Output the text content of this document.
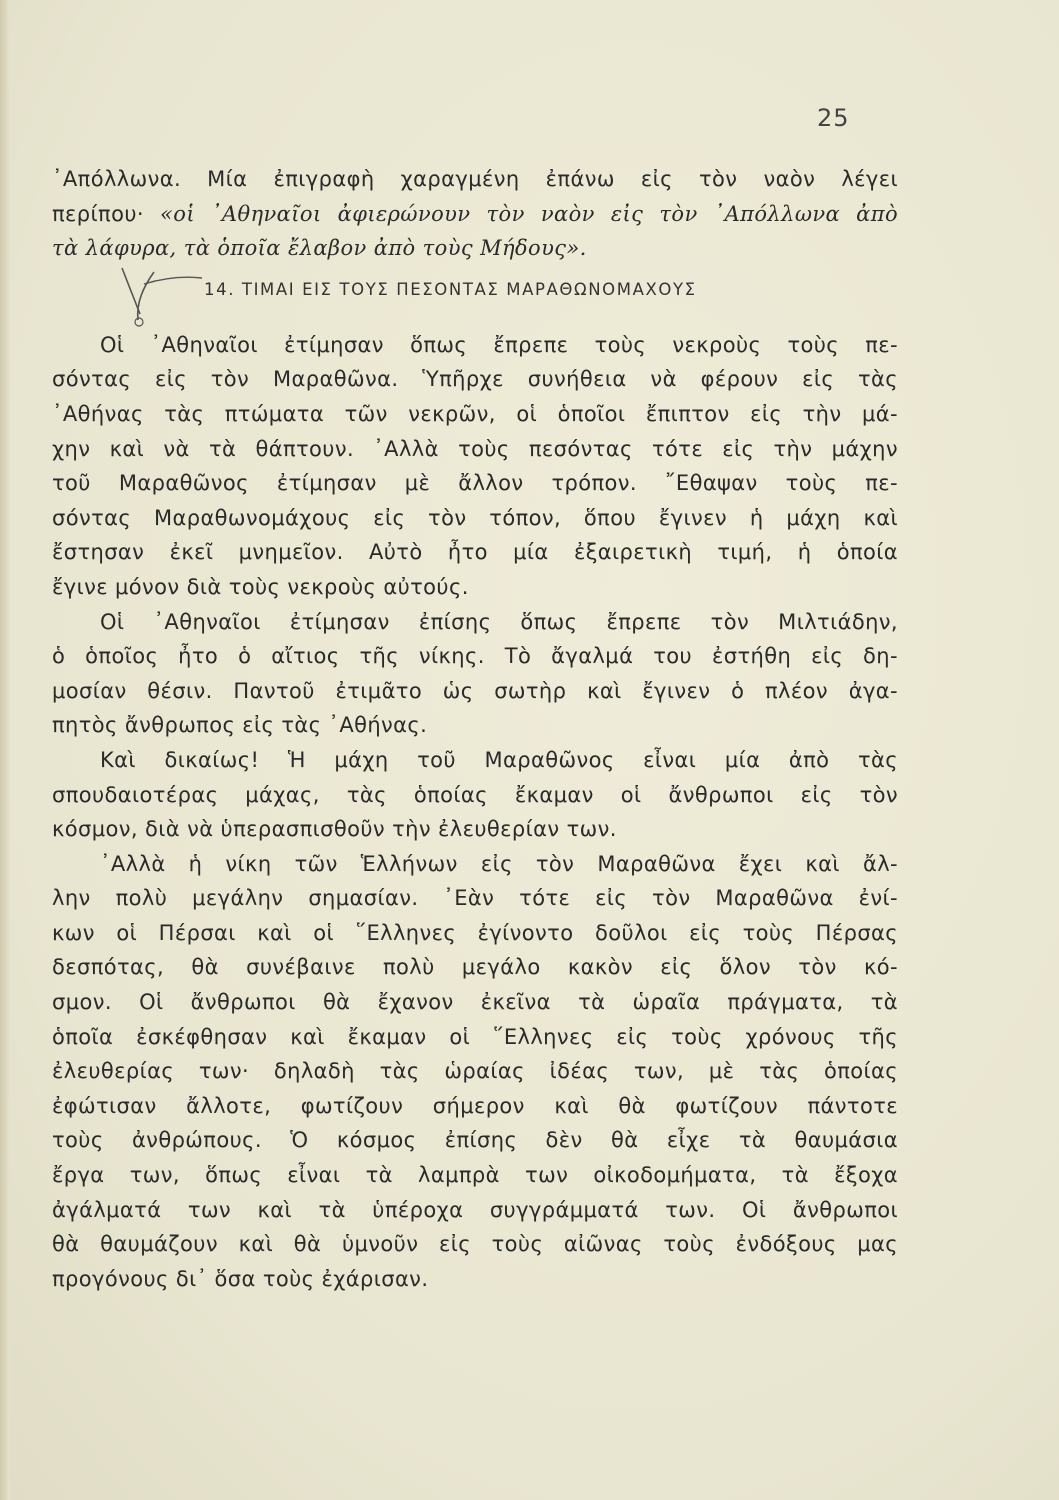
25
᾿Απόλλωνα. Μία ἐπιγραφὴ χαραγμένη ἐπάνω εἰς τὸν ναὸν λέγει
περίπου· «οἱ ᾿Αθηναῖοι ἀφιερώνουν τὸν ναὸν εἰς τὸν ᾿Απόλλωνα ἀπὸ
τὰ λάφυρα, τὰ ὁποῖα ἔλαβον ἀπὸ τοὺς Μήδους».
14. ΤΙΜΑΙ ΕΙΣ ΤΟΥΣ ΠΕΣΟΝΤΑΣ ΜΑΡΑΘΩΝΟΜΑΧΟΥΣ
Οἱ ᾿Αθηναῖοι ἐτίμησαν ὅπως ἔπρεπε τοὺς νεκροὺς τοὺς πε-
σόντας εἰς τὸν Μαραθῶνα. Ὑπῆρχε συνήθεια νὰ φέρουν εἰς τὰς
᾿Αθήνας τὰς πτώματα τῶν νεκρῶν, οἱ ὁποῖοι ἔπιπτον εἰς τὴν μά-
χην καὶ νὰ τὰ θάπτουν. ᾿Αλλὰ τοὺς πεσόντας τότε εἰς τὴν μάχην
τοῦ Μαραθῶνος ἐτίμησαν μὲ ἄλλον τρόπον. ῎Εθαψαν τοὺς πε-
σόντας Μαραθωνομάχους εἰς τὸν τόπον, ὅπου ἔγινεν ἡ μάχη καὶ
ἔστησαν ἐκεῖ μνημεῖον. Αὐτὸ ἦτο μία ἐξαιρετικὴ τιμή, ἡ ὁποία
ἔγινε μόνον διὰ τοὺς νεκροὺς αὐτούς.
Οἱ ᾿Αθηναῖοι ἐτίμησαν ἐπίσης ὅπως ἔπρεπε τὸν Μιλτιάδην,
ὁ ὁποῖος ἦτο ὁ αἴτιος τῆς νίκης. Τὸ ἄγαλμά του ἐστήθη εἰς δη-
μοσίαν θέσιν. Παντοῦ ἐτιμᾶτο ὡς σωτὴρ καὶ ἔγινεν ὁ πλέον ἀγα-
πητὸς ἄνθρωπος εἰς τὰς ᾿Αθήνας.
Καὶ δικαίως! Ἡ μάχη τοῦ Μαραθῶνος εἶναι μία ἀπὸ τὰς
σπουδαιοτέρας μάχας, τὰς ὁποίας ἔκαμαν οἱ ἄνθρωποι εἰς τὸν
κόσμον, διὰ νὰ ὑπερασπισθοῦν τὴν ἐλευθερίαν των.
᾿Αλλὰ ἡ νίκη τῶν Ἑλλήνων εἰς τὸν Μαραθῶνα ἔχει καὶ ἄλ-
λην πολὺ μεγάλην σημασίαν. ᾿Εὰν τότε εἰς τὸν Μαραθῶνα ἐνί-
κων οἱ Πέρσαι καὶ οἱ ῞Ελληνες ἐγίνοντο δοῦλοι εἰς τοὺς Πέρσας
δεσπότας, θὰ συνέβαινε πολὺ μεγάλο κακὸν εἰς ὅλον τὸν κό-
σμον. Οἱ ἄνθρωποι θὰ ἔχανον ἐκεῖνα τὰ ὡραῖα πράγματα, τὰ
ὁποῖα ἐσκέφθησαν καὶ ἔκαμαν οἱ ῞Ελληνες εἰς τοὺς χρόνους τῆς
ἐλευθερίας των· δηλαδὴ τὰς ὡραίας ἰδέας των, μὲ τὰς ὁποίας
ἐφώτισαν ἄλλοτε, φωτίζουν σήμερον καὶ θὰ φωτίζουν πάντοτε
τοὺς ἀνθρώπους. Ὁ κόσμος ἐπίσης δὲν θὰ εἶχε τὰ θαυμάσια
ἔργα των, ὅπως εἶναι τὰ λαμπρὰ των οἰκοδομήματα, τὰ ἔξοχα
ἀγάλματά των καὶ τὰ ὑπέροχα συγγράμματά των. Οἱ ἄνθρωποι
θὰ θαυμάζουν καὶ θὰ ὑμνοῦν εἰς τοὺς αἰῶνας τοὺς ἐνδόξους μας
προγόνους δι᾿ ὅσα τοὺς ἐχάρισαν.
